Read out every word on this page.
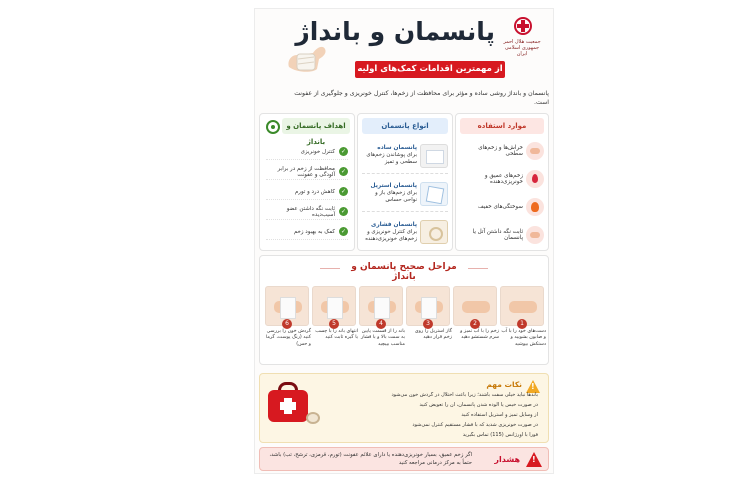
جمعیت هلال احمر جمهوری اسلامی ایران
پانسمان و بانداژ
از مهمترین اقدامات کمک‌های اولیه
پانسمان و بانداژ روشی ساده و مؤثر برای محافظت از زخم‌ها، کنترل خونریزی و جلوگیری از عفونت است.
موارد استفاده
خراش‌ها و زخم‌های سطحی
زخم‌های عمیق و خونریزی‌دهنده
سوختگی‌های خفیف
ثابت نگه داشتن آتل یا پانسمان
انواع پانسمان
پانسمان ساده
برای پوشاندن زخم‌های سطحی و تمیز
پانسمان استریل
برای زخم‌های باز و نواحی حساس
پانسمان فشاری
برای کنترل خونریزی و زخم‌های خونریزی‌دهنده
اهداف پانسمان و بانداژ
کنترل خونریزی ✓
محافظت از زخم در برابر آلودگی و عفونت ✓
کاهش درد و تورم ✓
ثابت نگه داشتن عضو آسیب‌دیده ✓
کمک به بهبود زخم ✓
مراحل صحیح پانسمان و بانداژ
1
دست‌های خود را با آب و صابون بشویید و دستکش بپوشید
2
زخم را با آب تمیز و سرم شستشو دهید
3
گاز استریل را روی زخم قرار دهید
4
باند را از قسمت پایین به سمت بالا و با فشار مناسب بپیچید
5
انتهای باند را با چسب یا گیره ثابت کنید
6
گردش خون را بررسی کنید (رنگ پوست، گرما و حس)
!
نکات مهم
باندها نباید خیلی سفت باشند؛ زیرا باعث اختلال در گردش خون می‌شود
در صورت خیس یا آلوده شدن پانسمان، آن را تعویض کنید
از وسایل تمیز و استریل استفاده کنید
در صورت خونریزی شدید که با فشار مستقیم کنترل نمی‌شود
فوراً با اورژانس (115) تماس بگیرید
!
هشدار
اگر زخم عمیق، بسیار خونریزی‌دهنده یا دارای علائم عفونت (تورم، قرمزی، ترشح، تب) باشد، حتماً به مرکز درمانی مراجعه کنید
